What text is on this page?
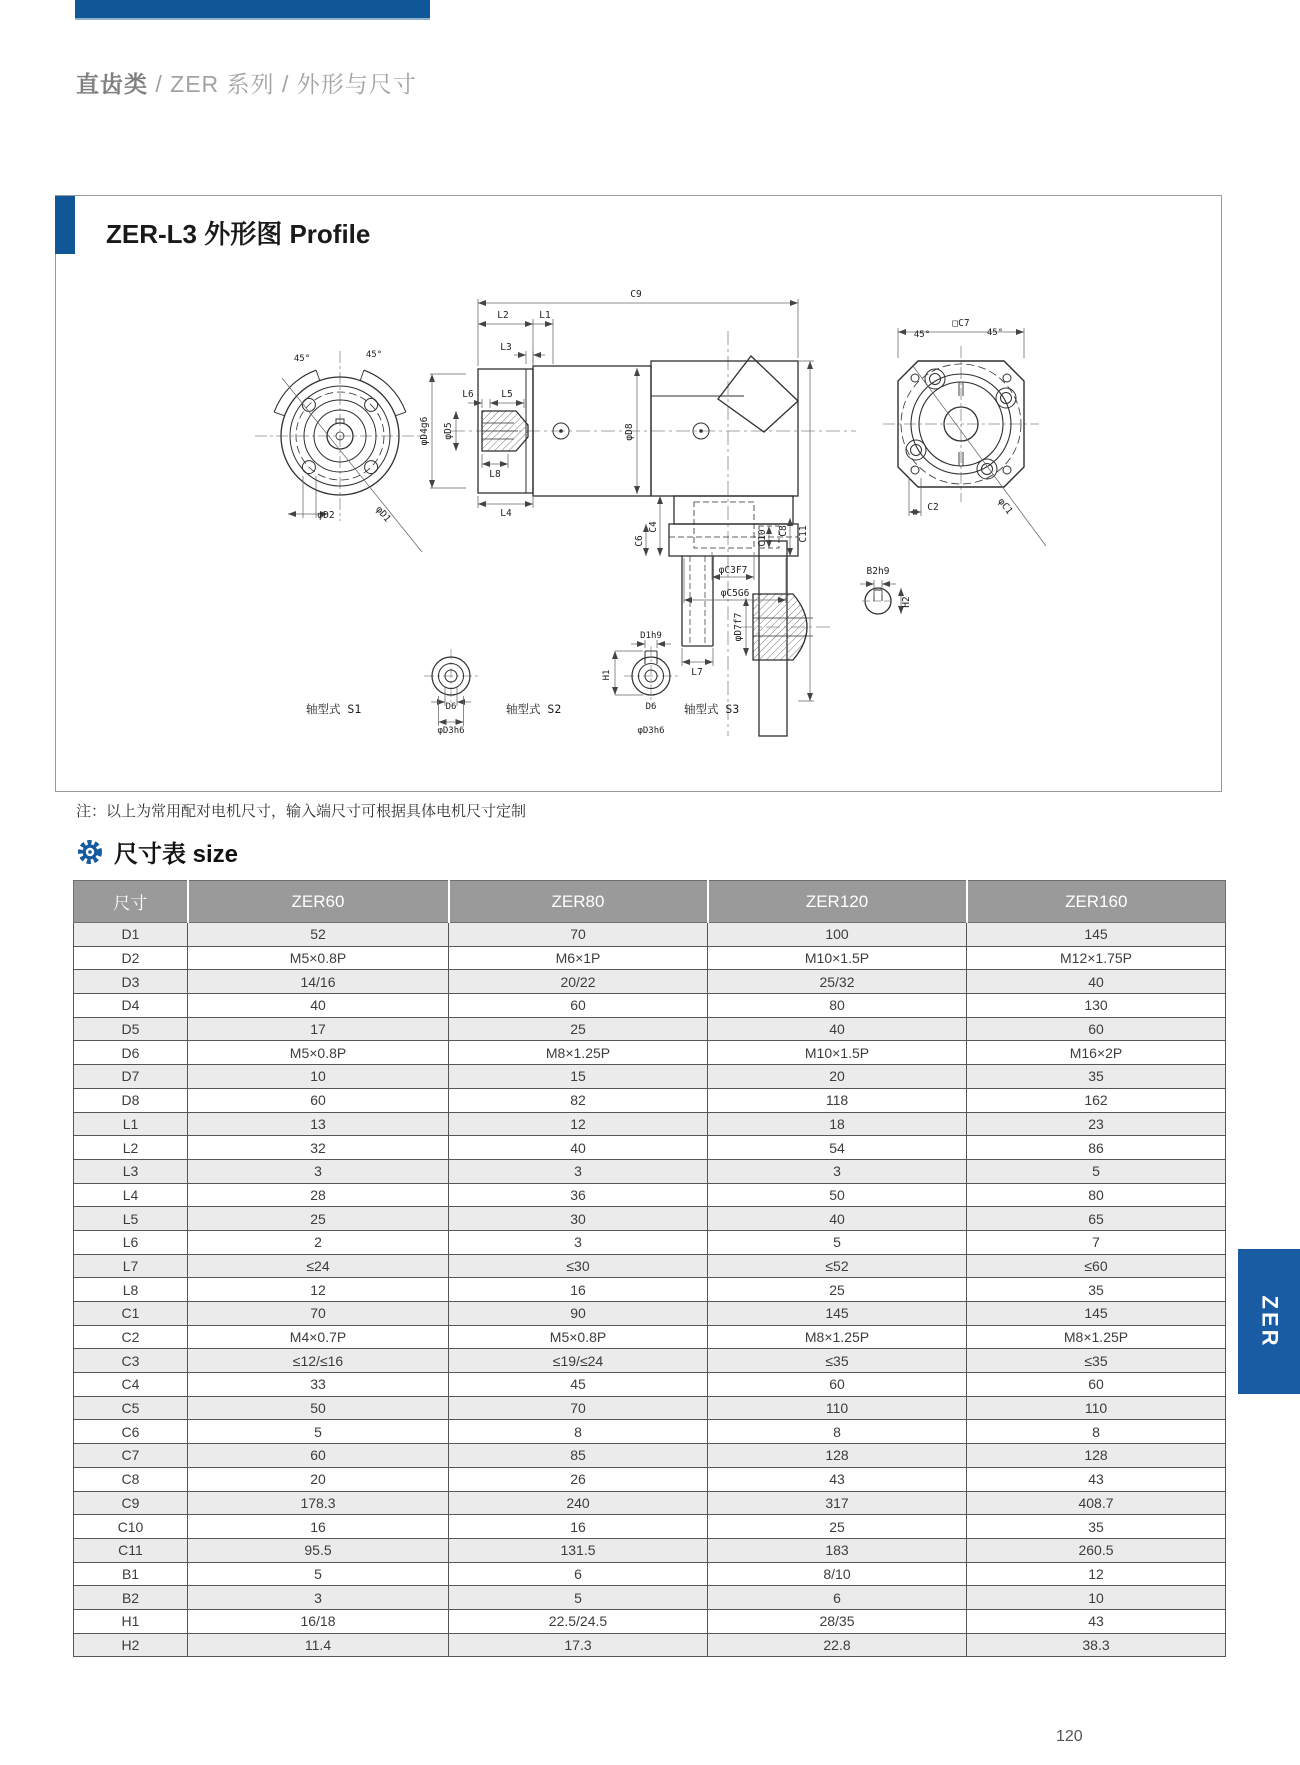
直齿类 / ZER 系列 / 外形与尺寸
ZER-L3 外形图 Profile
45°	45°
φD2	φD1
C9
L2	L1
L3
L6	L5
φD4g6 φD5
L8
L4
φD8
C11
C4
C6	C10 C8
φC3F7
φC5G6
L7
φD7f7
B2h9
H2
□C7
45°	45°
C2	φC1
D6
φD3h6
D1h9
H1
D6
φD3h6
轴型式 S1	轴型式 S2	轴型式 S3
注：以上为常用配对电机尺寸，输入端尺寸可根据具体电机尺寸定制
尺寸表 size
尺寸	ZER60	ZER80	ZER120	ZER160
D1	52	70	100	145
D2	M5×0.8P	M6×1P	M10×1.5P	M12×1.75P
D3	14/16	20/22	25/32	40
D4	40	60	80	130
D5	17	25	40	60
D6	M5×0.8P	M8×1.25P	M10×1.5P	M16×2P
D7	10	15	20	35
D8	60	82	118	162
L1	13	12	18	23
L2	32	40	54	86
L3	3	3	3	5
L4	28	36	50	80
L5	25	30	40	65
L6	2	3	5	7
L7	≤24	≤30	≤52	≤60
L8	12	16	25	35
C1	70	90	145	145
C2	M4×0.7P	M5×0.8P	M8×1.25P	M8×1.25P
C3	≤12/≤16	≤19/≤24	≤35	≤35
C4	33	45	60	60
C5	50	70	110	110
C6	5	8	8	8
C7	60	85	128	128
C8	20	26	43	43
C9	178.3	240	317	408.7
C10	16	16	25	35
C11	95.5	131.5	183	260.5
B1	5	6	8/10	12
B2	3	5	6	10
H1	16/18	22.5/24.5	28/35	43
H2	11.4	17.3	22.8	38.3
ZER
120
